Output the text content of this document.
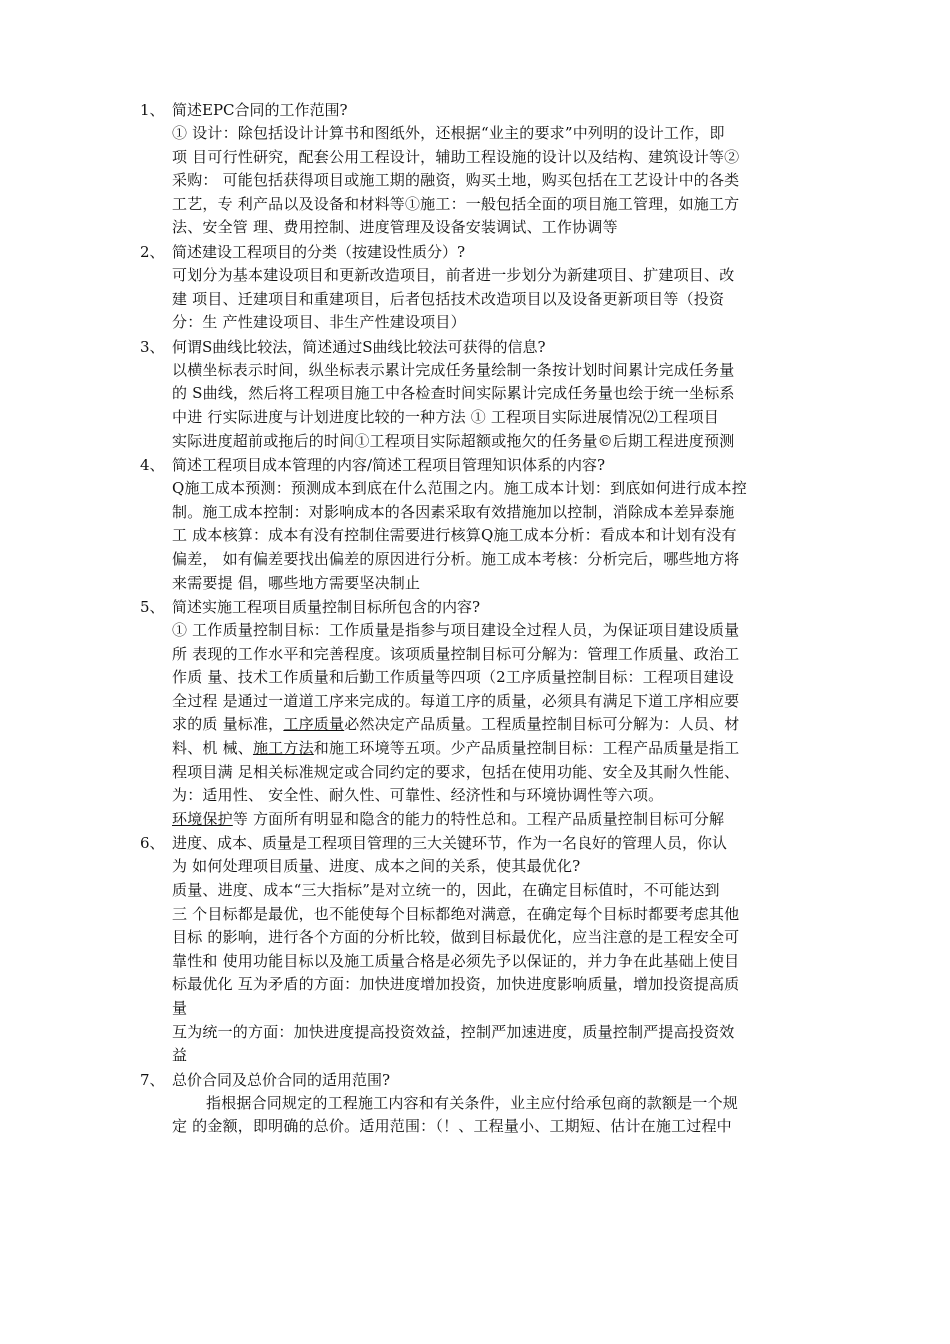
1、 简述EPC合同的工作范围?
① 设计：除包括设计计算书和图纸外，还根据“业主的要求”中列明的设计工作，即
项 目可行性研究，配套公用工程设计，辅助工程设施的设计以及结构、建筑设计等②
采购： 可能包括获得项目或施工期的融资，购买土地，购买包括在工艺设计中的各类
工艺，专 利产品以及设备和材料等①施工：一般包括全面的项目施工管理，如施工方
法、安全管 理、费用控制、进度管理及设备安装调试、工作协调等
2、 简述建设工程项目的分类（按建设性质分）?
可划分为基本建设项目和更新改造项目，前者进一步划分为新建项目、扩建项目、改
建 项目、迁建项目和重建项目，后者包括技术改造项目以及设备更新项目等（投资
分：生 产性建设项目、非生产性建设项目）
3、 何谓S曲线比较法，简述通过S曲线比较法可获得的信息?
以横坐标表示时间，纵坐标表示累计完成任务量绘制一条按计划时间累计完成任务量
的 S曲线，然后将工程项目施工中各检查时间实际累计完成任务量也绘于统一坐标系
中进 行实际进度与计划进度比较的一种方法 ① 工程项目实际进展情况⑵工程项目
实际进度超前或拖后的时间①工程项目实际超额或拖欠的任务量©后期工程进度预测
4、 简述工程项目成本管理的内容/简述工程项目管理知识体系的内容?
Q施工成本预测：预测成本到底在什么范围之内。施工成本计划：到底如何进行成本控
制。施工成本控制：对影响成本的各因素采取有效措施加以控制，消除成本差异泰施
工 成本核算：成本有没有控制住需要进行核算Q施工成本分析：看成本和计划有没有
偏差， 如有偏差要找出偏差的原因进行分析。施工成本考核：分析完后，哪些地方将
来需要提 倡，哪些地方需要坚决制止
5、 简述实施工程项目质量控制目标所包含的内容?
① 工作质量控制目标：工作质量是指参与项目建设全过程人员，为保证项目建设质量
所 表现的工作水平和完善程度。该项质量控制目标可分解为：管理工作质量、政治工
作质 量、技术工作质量和后勤工作质量等四项（2工序质量控制目标：工程项目建设
全过程 是通过一道道工序来完成的。每道工序的质量，必须具有满足下道工序相应要
求的质 量标准，工序质量必然决定产品质量。工程质量控制目标可分解为：人员、材
料、机 械、施工方法和施工环境等五项。少产品质量控制目标：工程产品质量是指工
程项目满 足相关标准规定或合同约定的要求，包括在使用功能、安全及其耐久性能、
为：适用性、 安全性、耐久性、可靠性、经济性和与环境协调性等六项。
环境保护等 方面所有明显和隐含的能力的特性总和。工程产品质量控制目标可分解
6、 进度、成本、质量是工程项目管理的三大关键环节，作为一名良好的管理人员，你认
为 如何处理项目质量、进度、成本之间的关系，使其最优化?
质量、进度、成本“三大指标”是对立统一的，因此，在确定目标值时，不可能达到
三 个目标都是最优，也不能使每个目标都绝对满意，在确定每个目标时都要考虑其他
目标 的影响，进行各个方面的分析比较，做到目标最优化，应当注意的是工程安全可
靠性和 使用功能目标以及施工质量合格是必须先予以保证的，并力争在此基础上使目
标最优化 互为矛盾的方面：加快进度增加投资，加快进度影响质量，增加投资提高质
量
互为统一的方面：加快进度提高投资效益，控制严加速进度，质量控制严提高投资效
益
7、 总价合同及总价合同的适用范围?
指根据合同规定的工程施工内容和有关条件，业主应付给承包商的款额是一个规
定 的金额，即明确的总价。适用范围：（！、工程量小、工期短、估计在施工过程中
